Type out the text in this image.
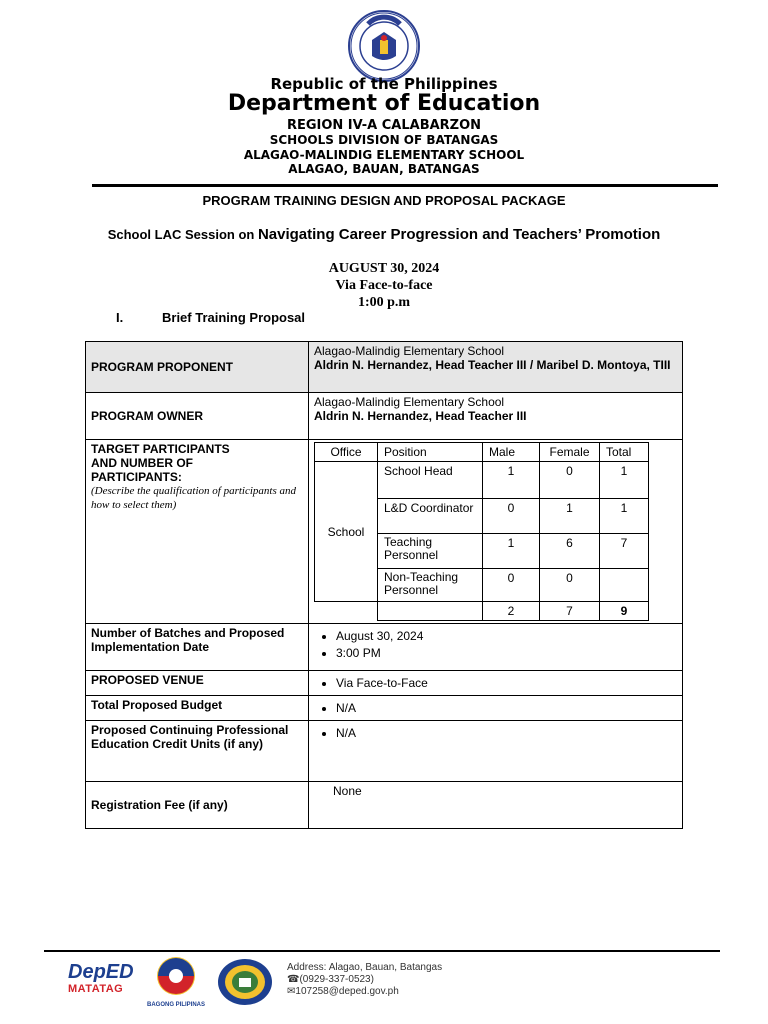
Republic of the Philippines
Department of Education
REGION IV-A CALABARZON
SCHOOLS DIVISION OF BATANGAS
ALAGAO-MALINDIG ELEMENTARY SCHOOL
ALAGAO, BAUAN, BATANGAS
PROGRAM TRAINING DESIGN AND PROPOSAL PACKAGE
School LAC Session on Navigating Career Progression and Teachers’ Promotion
AUGUST 30, 2024
Via Face-to-face
1:00 p.m
I.	Brief Training Proposal
PROGRAM PROPONENT	
Alagao-Malindig Elementary School
Aldrin N. Hernandez, Head Teacher III / Maribel D. Montoya, TIII

PROGRAM OWNER	
Alagao-Malindig Elementary School
Aldrin N. Hernandez, Head Teacher III

TARGET PARTICIPANTS AND NUMBER OF PARTICIPANTS:
(Describe the qualification of participants and how to select them)

Office	Position	Male	Female	Total
School	School Head	1	0	1
L&D Coordinator	0	1	1
Teaching Personnel	1	6	7
Non-Teaching Personnel	0	0	
		2	7	9

Number of Batches and Proposed Implementation Date	
• August 30, 2024
• 3:00 PM

PROPOSED VENUE	
•Via Face-to-Face

Total Proposed Budget	
•N/A

Proposed Continuing Professional Education Credit Units (if any)	
• N/A

Registration Fee (if any)	None
DepED
MATATAG
BAGONG PILIPINAS
Address: Alagao, Bauan, Batangas
☎(0929-337-0523)
✉107258@deped.gov.ph
